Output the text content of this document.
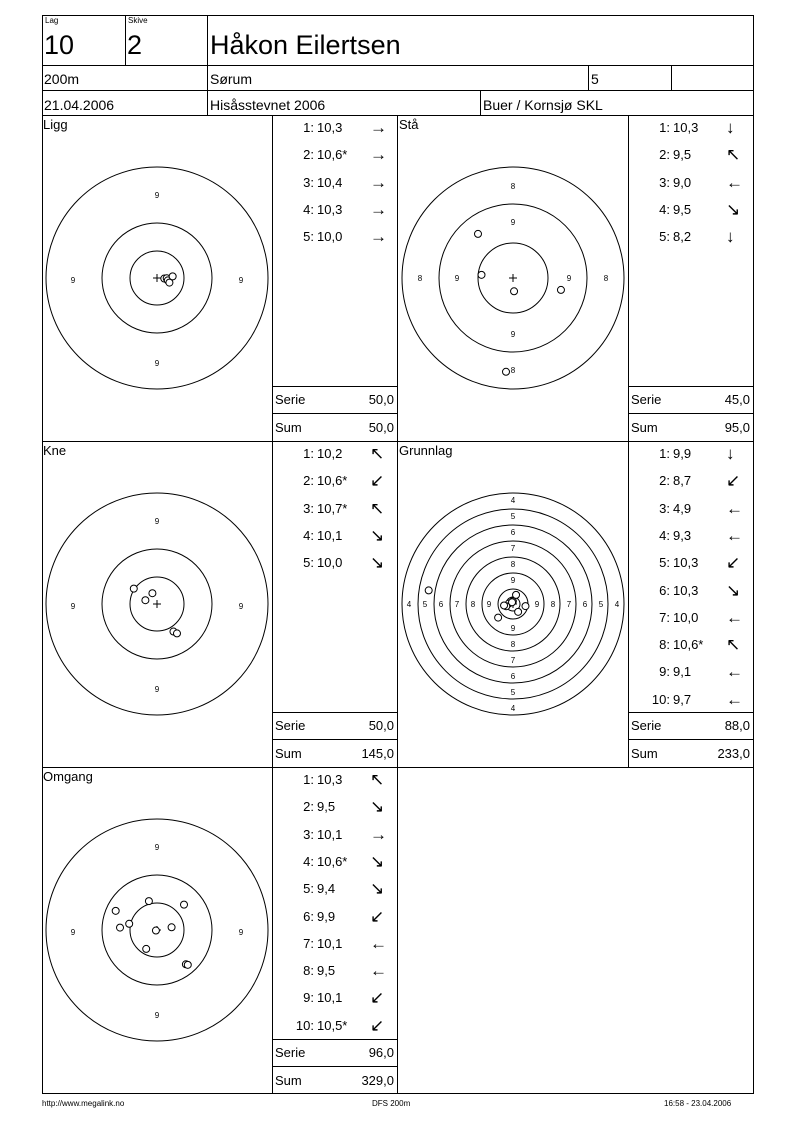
Lag
10
Skive
2	Håkon Eilertsen
200m	Sørum	5
21.04.2006	Hisåsstevnet 2006	Buer / Kornsjø SKL
Ligg
9
9
9	9
1: 10,3 →
2: 10,6* →
3: 10,4 →
4: 10,3 →
5: 10,0 →
Serie	50,0
Sum	50,0
Stå
8
9
9
8
8	9	9	8
1: 10,3 ↓
2: 9,5 ↖
3: 9,0 ←
4: 9,5 ↘
5: 8,2 ↓
Serie	45,0
Sum	95,0
Kne
9
9
9	9
1: 10,2 ↖
2: 10,6* ↙
3: 10,7* ↖
4: 10,1 ↘
5: 10,0 ↘
Serie	50,0
Sum	145,0
Grunnlag
4
4
4	4
5
5
5	5
6
6
6	6
7
7
7	7
8
8
8	8
9
9
9	9
1: 9,9 ↓
2: 8,7 ↙
3: 4,9 ←
4: 9,3 ←
5: 10,3 ↙
6: 10,3 ↘
7: 10,0 ←
8: 10,6* ↖
9: 9,1 ←
10: 9,7 ←
Serie	88,0
Sum	233,0
Omgang
9
9
9	9
1: 10,3 ↖
2: 9,5 ↘
3: 10,1 →
4: 10,6* ↘
5: 9,4 ↘
6: 9,9 ↙
7: 10,1 ←
8: 9,5 ←
9: 10,1 ↙
10: 10,5* ↙
Serie	96,0
Sum	329,0
http://www.megalink.no	DFS 200m	16:58 - 23.04.2006
